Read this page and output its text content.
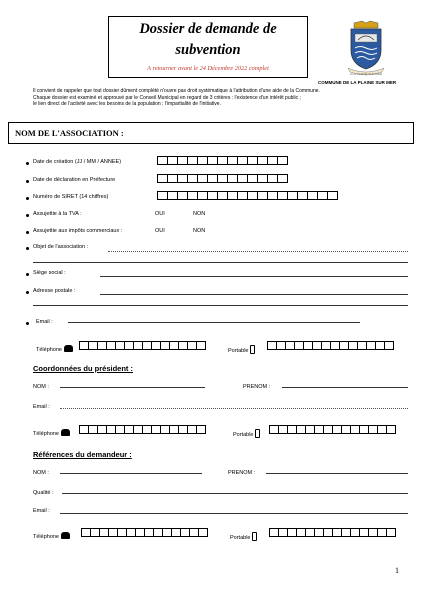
Dossier de demande de
subvention
A retourner avant le 24 Décembre 2022 complet
A LA PLAINE SUR MER
COMMUNE DE LA PLAINE SUR MER
Il convient de rappeler que tout dossier dûment complété n'ouvre pas droit systématique à l'attribution d'une aide de la Commune.
Chaque dossier est examiné et approuvé par le Conseil Municipal en regard de 3 critères : l'existence d'un intérêt public ;
le lien direct de l'activité avec les besoins de la population ; l'impartialité de l'initiative.
NOM DE L'ASSOCIATION :
Date de création (JJ / MM / ANNEE)
Date de déclaration en Préfecture
Numéro de SIRET (14 chiffres)
Assujettie à la TVA :	OUI	NON
Assujettie aux impôts commerciaux :	OUI	NON
Objet de l'association :
Siège social :
Adresse postale :
Email :
Téléphone	Portable
Coordonnées du président :
NOM :	PRENOM :
Email :
Téléphone	Portable
Références du demandeur :
NOM :	PRENOM :
Qualité :
Email :
Téléphone	Portable
1
